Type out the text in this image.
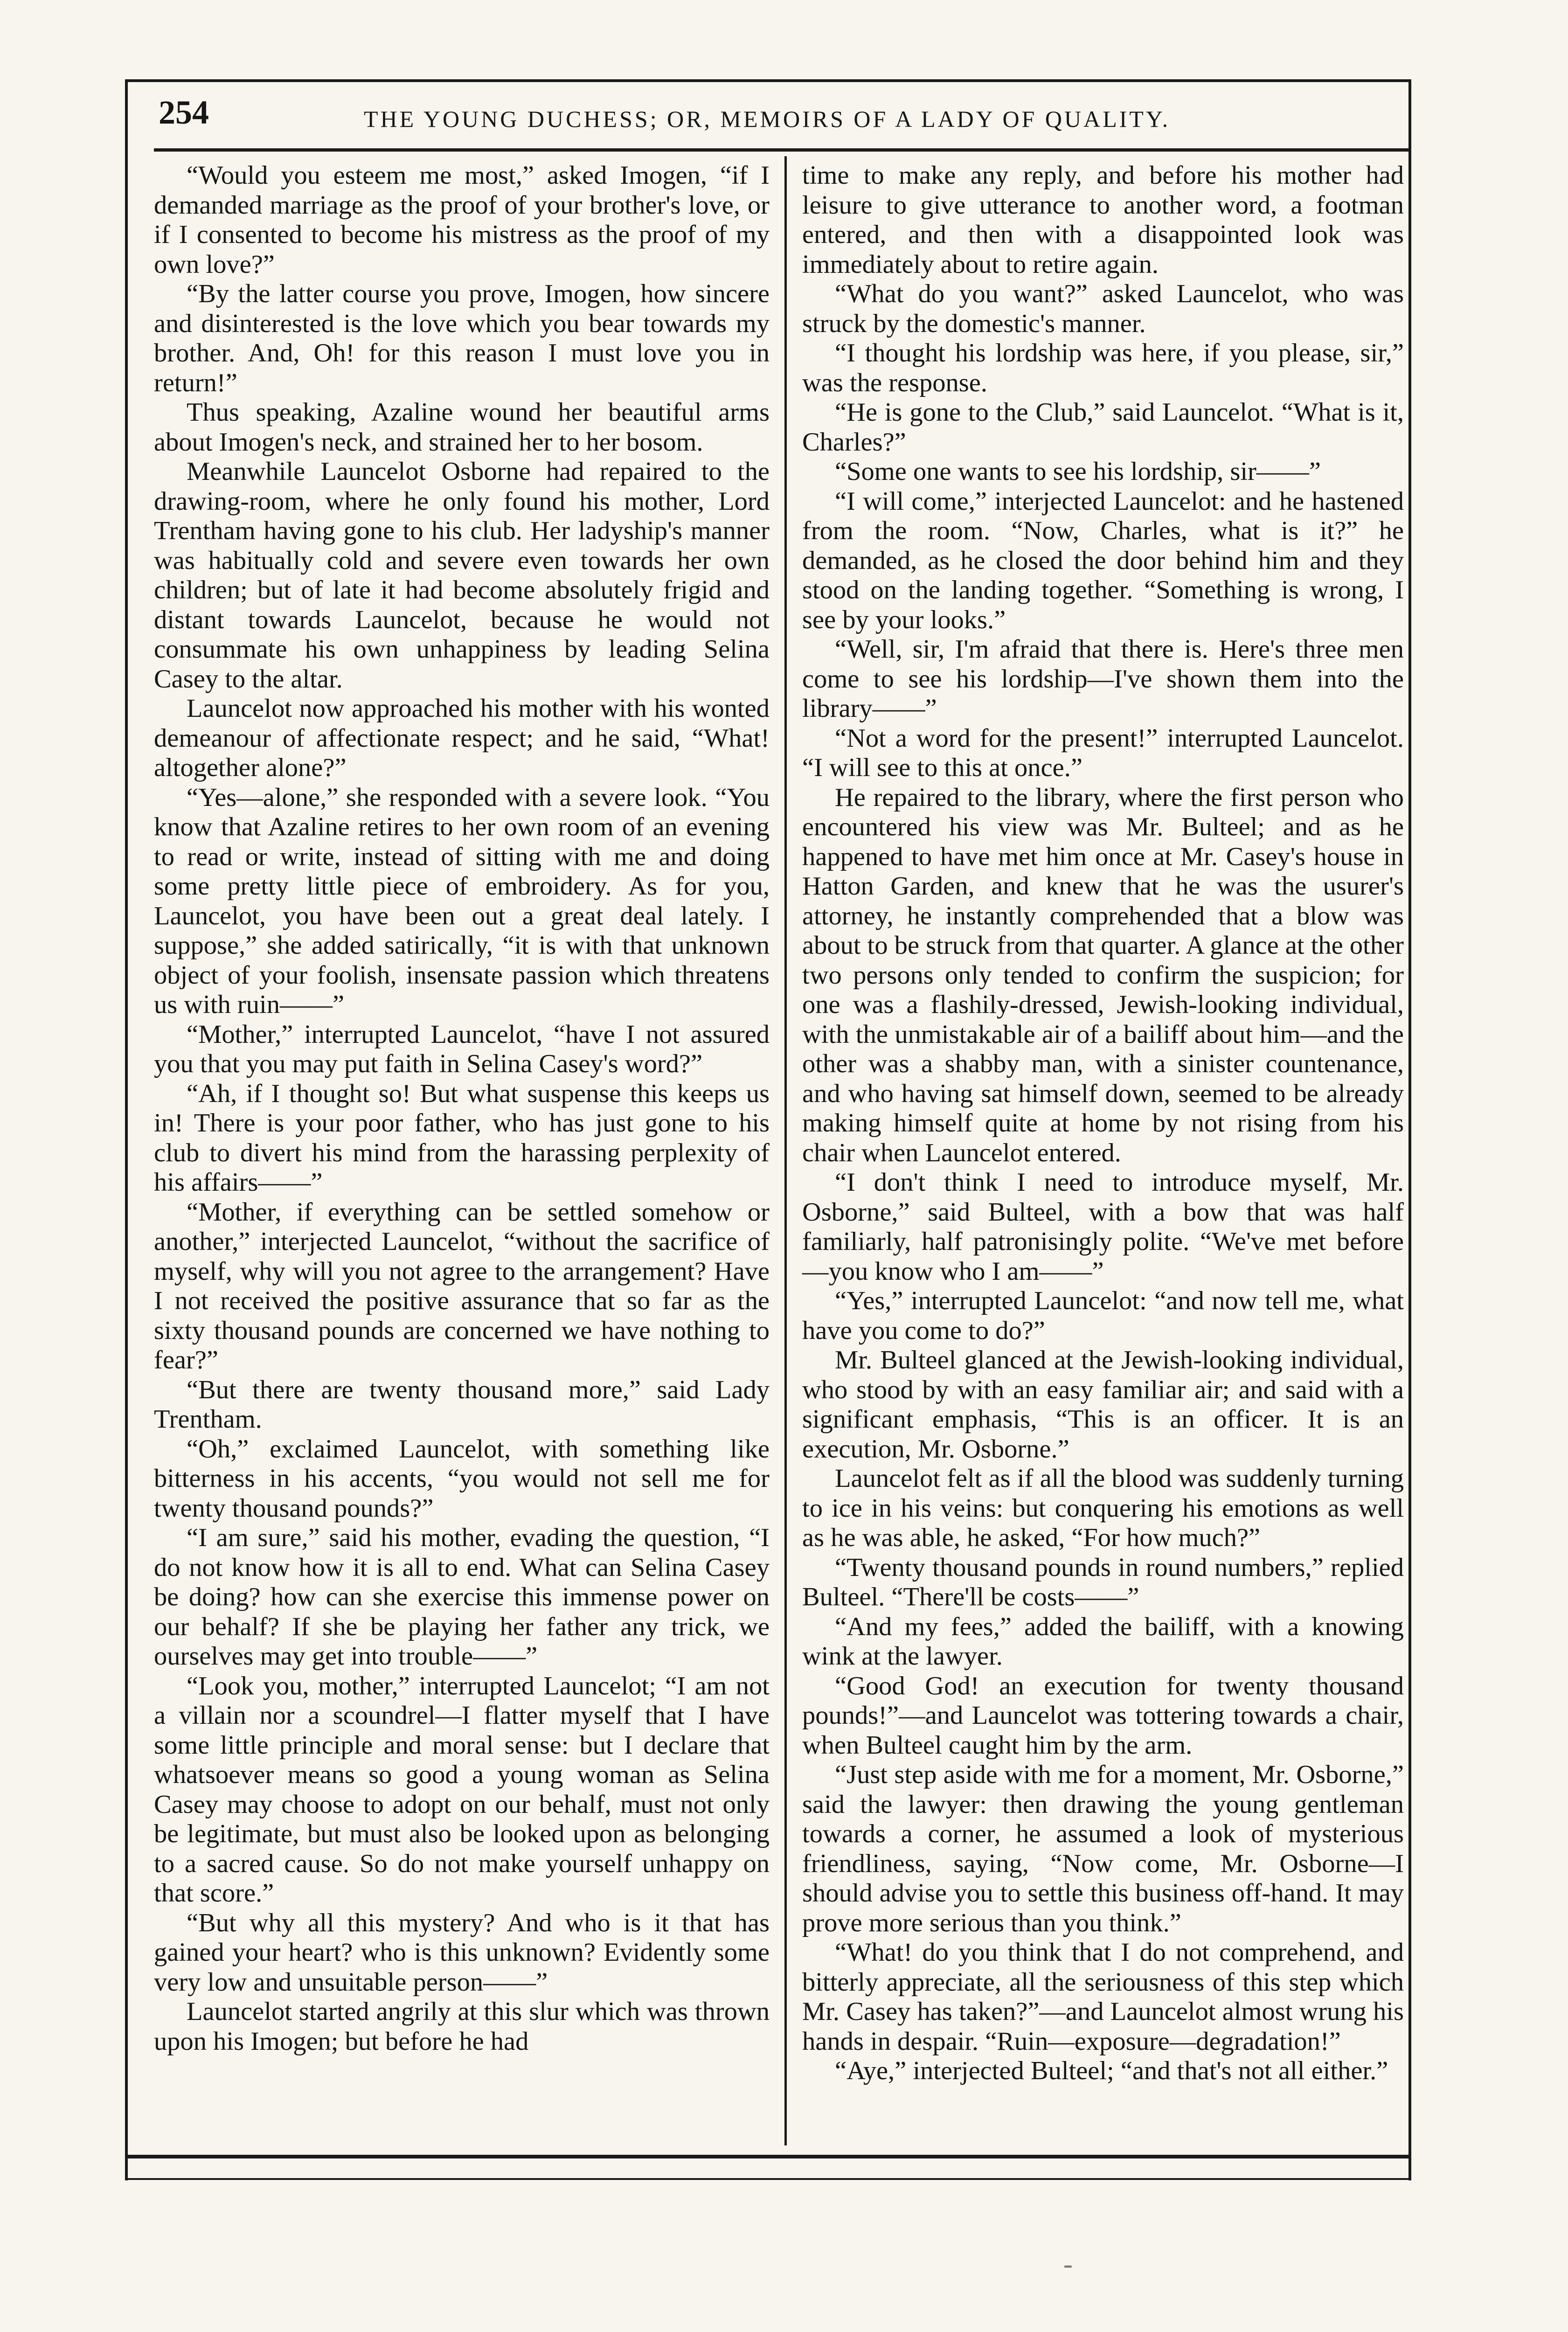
254	THE YOUNG DUCHESS; OR, MEMOIRS OF A LADY OF QUALITY.

“Would you esteem me most,” asked Imogen, “if I demanded marriage as the proof of your brother's love, or if I consented to become his mistress as the proof of my own love?”

“By the latter course you prove, Imogen, how sincere and disinterested is the love which you bear towards my brother. And, Oh! for this reason I must love you in return!”

Thus speaking, Azaline wound her beautiful arms about Imogen's neck, and strained her to her bosom.

Meanwhile Launcelot Osborne had repaired to the drawing-room, where he only found his mother, Lord Trentham having gone to his club. Her ladyship's manner was habitually cold and severe even towards her own children; but of late it had become absolutely frigid and distant towards Launcelot, because he would not consummate his own unhappiness by leading Selina Casey to the altar.

Launcelot now approached his mother with his wonted demeanour of affectionate respect; and he said, “What! altogether alone?”

“Yes—alone,” she responded with a severe look. “You know that Azaline retires to her own room of an evening to read or write, instead of sitting with me and doing some pretty little piece of embroidery. As for you, Launcelot, you have been out a great deal lately. I suppose,” she added satirically, “it is with that unknown object of your foolish, insensate passion which threatens us with ruin——”

“Mother,” interrupted Launcelot, “have I not assured you that you may put faith in Selina Casey's word?”

“Ah, if I thought so! But what suspense this keeps us in! There is your poor father, who has just gone to his club to divert his mind from the harassing perplexity of his affairs——”

“Mother, if everything can be settled somehow or another,” interjected Launcelot, “without the sacrifice of myself, why will you not agree to the arrangement? Have I not received the positive assurance that so far as the sixty thousand pounds are concerned we have nothing to fear?”

“But there are twenty thousand more,” said Lady Trentham.

“Oh,” exclaimed Launcelot, with something like bitterness in his accents, “you would not sell me for twenty thousand pounds?”

“I am sure,” said his mother, evading the question, “I do not know how it is all to end. What can Selina Casey be doing? how can she exercise this immense power on our behalf? If she be playing her father any trick, we ourselves may get into trouble——”

“Look you, mother,” interrupted Launcelot; “I am not a villain nor a scoundrel—I flatter myself that I have some little principle and moral sense: but I declare that whatsoever means so good a young woman as Selina Casey may choose to adopt on our behalf, must not only be legitimate, but must also be looked upon as belonging to a sacred cause. So do not make yourself unhappy on that score.”

“But why all this mystery? And who is it that has gained your heart? who is this unknown? Evidently some very low and unsuitable person——”

Launcelot started angrily at this slur which was thrown upon his Imogen; but before he had

time to make any reply, and before his mother had leisure to give utterance to another word, a footman entered, and then with a disappointed look was immediately about to retire again.

“What do you want?” asked Launcelot, who was struck by the domestic's manner.

“I thought his lordship was here, if you please, sir,” was the response.

“He is gone to the Club,” said Launcelot. “What is it, Charles?”

“Some one wants to see his lordship, sir——”

“I will come,” interjected Launcelot: and he hastened from the room. “Now, Charles, what is it?” he demanded, as he closed the door behind him and they stood on the landing together. “Something is wrong, I see by your looks.”

“Well, sir, I'm afraid that there is. Here's three men come to see his lordship—I've shown them into the library——”

“Not a word for the present!” interrupted Launcelot. “I will see to this at once.”

He repaired to the library, where the first person who encountered his view was Mr. Bulteel; and as he happened to have met him once at Mr. Casey's house in Hatton Garden, and knew that he was the usurer's attorney, he instantly comprehended that a blow was about to be struck from that quarter. A glance at the other two persons only tended to confirm the suspicion; for one was a flashily-dressed, Jewish-looking individual, with the unmistakable air of a bailiff about him—and the other was a shabby man, with a sinister countenance, and who having sat himself down, seemed to be already making himself quite at home by not rising from his chair when Launcelot entered.

“I don't think I need to introduce myself, Mr. Osborne,” said Bulteel, with a bow that was half familiarly, half patronisingly polite. “We've met before—you know who I am——”

“Yes,” interrupted Launcelot: “and now tell me, what have you come to do?”

Mr. Bulteel glanced at the Jewish-looking individual, who stood by with an easy familiar air; and said with a significant emphasis, “This is an officer. It is an execution, Mr. Osborne.”

Launcelot felt as if all the blood was suddenly turning to ice in his veins: but conquering his emotions as well as he was able, he asked, “For how much?”

“Twenty thousand pounds in round numbers,” replied Bulteel. “There'll be costs——”

“And my fees,” added the bailiff, with a knowing wink at the lawyer.

“Good God! an execution for twenty thousand pounds!”—and Launcelot was tottering towards a chair, when Bulteel caught him by the arm.

“Just step aside with me for a moment, Mr. Osborne,” said the lawyer: then drawing the young gentleman towards a corner, he assumed a look of mysterious friendliness, saying, “Now come, Mr. Osborne—I should advise you to settle this business off-hand. It may prove more serious than you think.”

“What! do you think that I do not comprehend, and bitterly appreciate, all the seriousness of this step which Mr. Casey has taken?”—and Launcelot almost wrung his hands in despair. “Ruin—exposure—degradation!”

“Aye,” interjected Bulteel; “and that's not all either.”

-
